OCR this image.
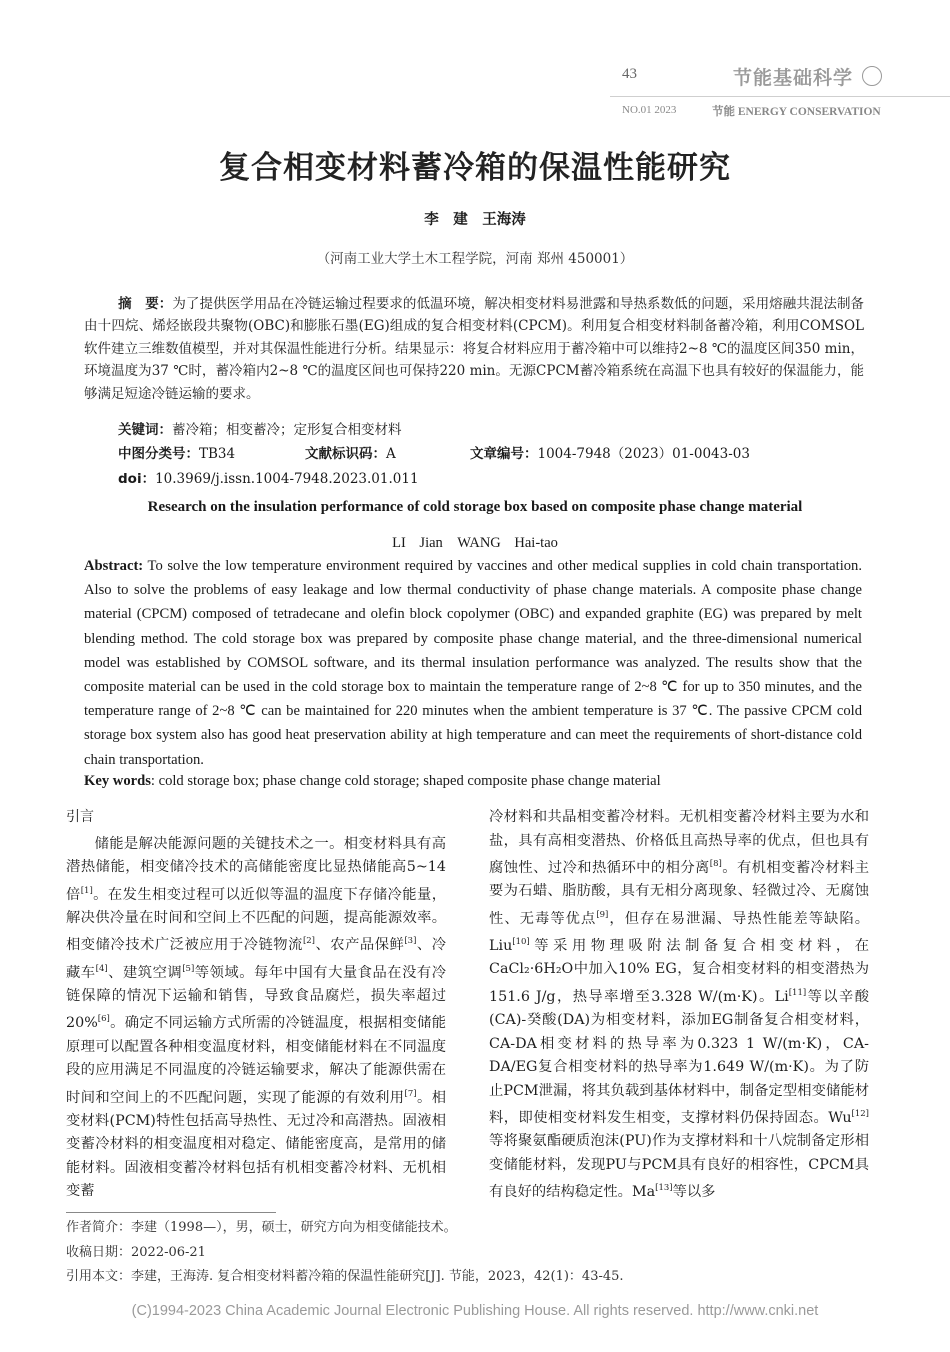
43	节能基础科学
NO.01 2023	节能 ENERGY CONSERVATION
复合相变材料蓄冷箱的保温性能研究
李　建　王海涛
（河南工业大学土木工程学院，河南 郑州 450001）
摘　要：为了提供医学用品在冷链运输过程要求的低温环境，解决相变材料易泄露和导热系数低的问题，采用熔融共混法制备由十四烷、烯烃嵌段共聚物(OBC)和膨胀石墨(EG)组成的复合相变材料(CPCM)。利用复合相变材料制备蓄冷箱，利用COMSOL软件建立三维数值模型，并对其保温性能进行分析。结果显示：将复合材料应用于蓄冷箱中可以维持2~8 ℃的温度区间350 min，环境温度为37 ℃时，蓄冷箱内2~8 ℃的温度区间也可保持220 min。无源CPCM蓄冷箱系统在高温下也具有较好的保温能力，能够满足短途冷链运输的要求。
关键词：蓄冷箱；相变蓄冷；定形复合相变材料
中图分类号：TB34	文献标识码：A	文章编号：1004-7948（2023）01-0043-03
doi：10.3969/j.issn.1004-7948.2023.01.011
Research on the insulation performance of cold storage box based on composite phase change material
LI Jian　WANG Hai-tao
Abstract: To solve the low temperature environment required by vaccines and other medical supplies in cold chain transportation. Also to solve the problems of easy leakage and low thermal conductivity of phase change materials. A composite phase change material (CPCM) composed of tetradecane and olefin block copolymer (OBC) and expanded graphite (EG) was prepared by melt blending method. The cold storage box was prepared by composite phase change material, and the three-dimensional numerical model was established by COMSOL software, and its thermal insulation performance was analyzed. The results show that the composite material can be used in the cold storage box to maintain the temperature range of 2~8 ℃ for up to 350 minutes, and the temperature range of 2~8 ℃ can be maintained for 220 minutes when the ambient temperature is 37 ℃. The passive CPCM cold storage box system also has good heat preservation ability at high temperature and can meet the requirements of short-distance cold chain transportation.
Key words: cold storage box; phase change cold storage; shaped composite phase change material
引言

储能是解决能源问题的关键技术之一。相变材料具有高潜热储能，相变储冷技术的高储能密度比显热储能高5~14倍[1]。在发生相变过程可以近似等温的温度下存储冷能量，解决供冷量在时间和空间上不匹配的问题，提高能源效率。相变储冷技术广泛被应用于冷链物流[2]、农产品保鲜[3]、冷藏车[4]、建筑空调[5]等领域。每年中国有大量食品在没有冷链保障的情况下运输和销售，导致食品腐烂，损失率超过20%[6]。确定不同运输方式所需的冷链温度，根据相变储能原理可以配置各种相变温度材料，相变储能材料在不同温度段的应用满足不同温度的冷链运输要求，解决了能源供需在时间和空间上的不匹配问题，实现了能源的有效利用[7]。相变材料(PCM)特性包括高导热性、无过冷和高潜热。固液相变蓄冷材料的相变温度相对稳定、储能密度高，是常用的储能材料。固液相变蓄冷材料包括有机相变蓄冷材料、无机相变蓄

冷材料和共晶相变蓄冷材料。无机相变蓄冷材料主要为水和盐，具有高相变潜热、价格低且高热导率的优点，但也具有腐蚀性、过冷和热循环中的相分离[8]。有机相变蓄冷材料主要为石蜡、脂肪酸，具有无相分离现象、轻微过冷、无腐蚀性、无毒等优点[9]，但存在易泄漏、导热性能差等缺陷。Liu[10]等采用物理吸附法制备复合相变材料，在CaCl₂·6H₂O中加入10% EG，复合相变材料的相变潜热为151.6 J/g，热导率增至3.328 W/(m·K)。Li[11]等以辛酸(CA)-癸酸(DA)为相变材料，添加EG制备复合相变材料，CA-DA相变材料的热导率为0.323 1 W/(m·K)，CA-DA/EG复合相变材料的热导率为1.649 W/(m·K)。为了防止PCM泄漏，将其负载到基体材料中，制备定型相变储能材料，即使相变材料发生相变，支撑材料仍保持固态。Wu[12]等将聚氨酯硬质泡沫(PU)作为支撑材料和十八烷制备定形相变储能材料，发现PU与PCM具有良好的相容性，CPCM具有良好的结构稳定性。Ma[13]等以多

作者简介：李建（1998—），男，硕士，研究方向为相变储能技术。
收稿日期：2022-06-21
引用本文：李建，王海涛. 复合相变材料蓄冷箱的保温性能研究[J]. 节能，2023，42(1)：43-45.
(C)1994-2023 China Academic Journal Electronic Publishing House. All rights reserved. http://www.cnki.net
